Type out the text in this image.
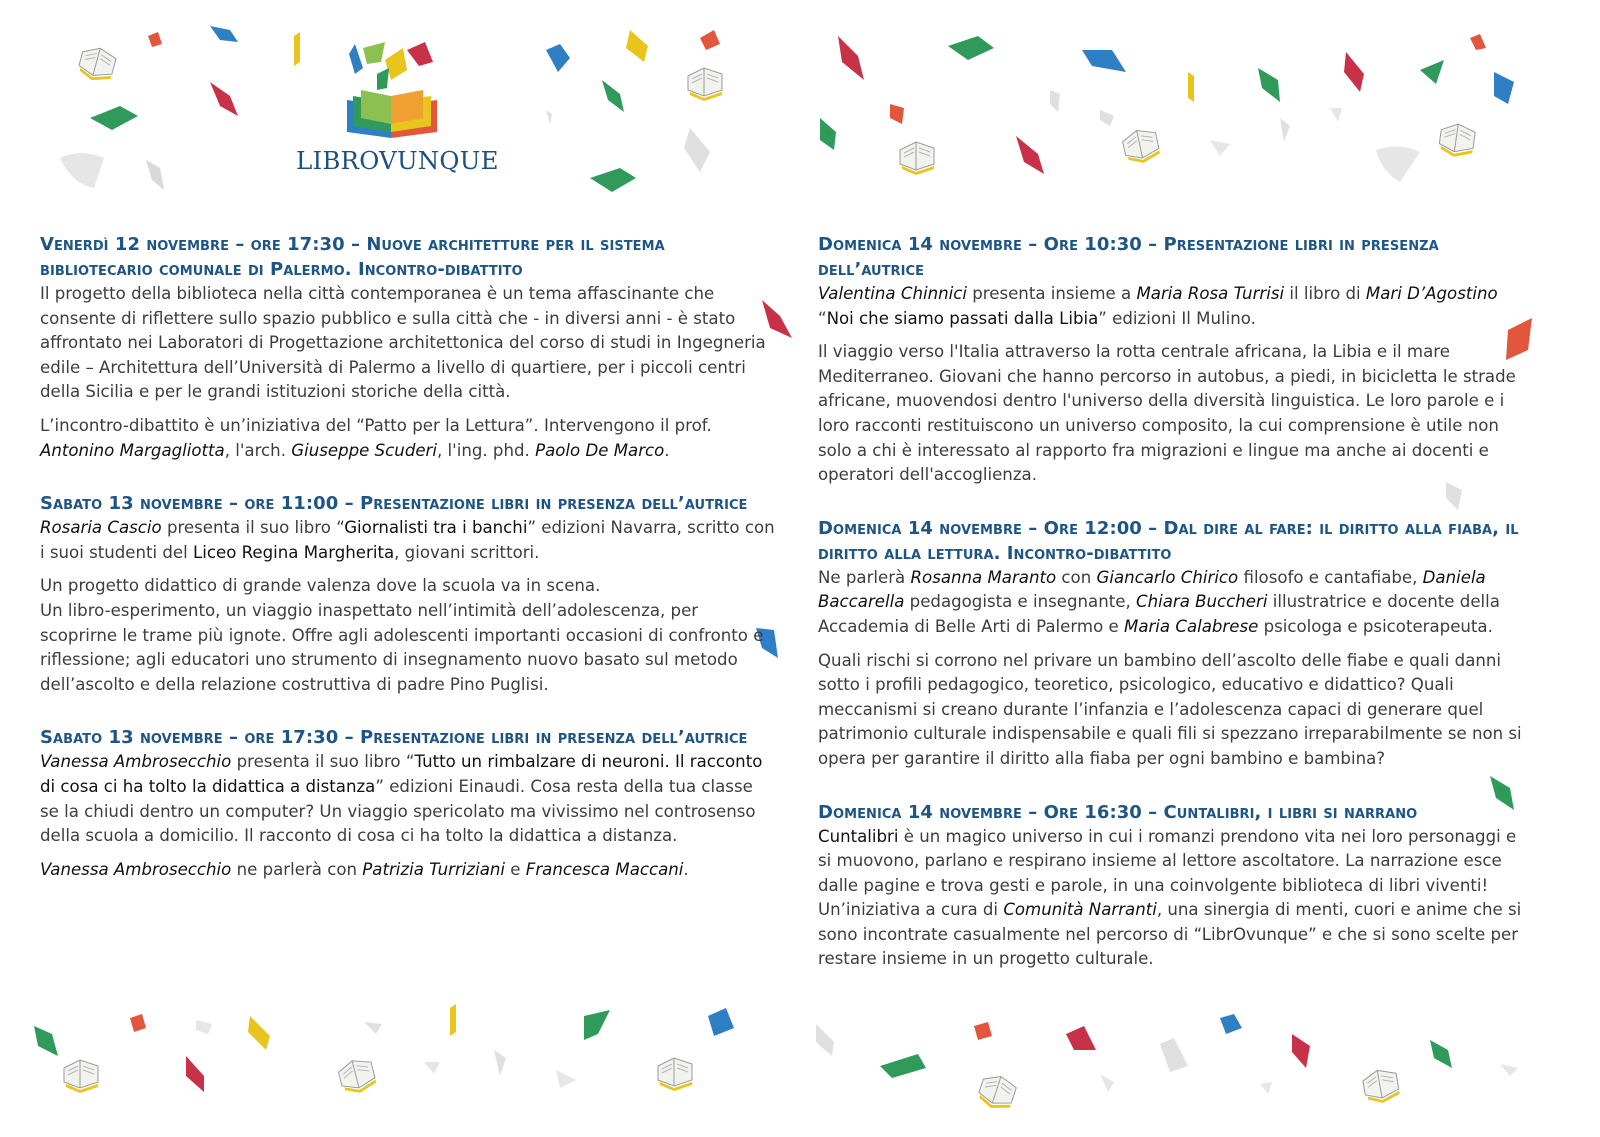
LIBROVUNQUE
Venerdì 12 novembre – ore 17:30 – Nuove architetture per il sistema bibliotecario comunale di Palermo. Incontro-dibattito

Il progetto della biblioteca nella città contemporanea è un tema affascinante che consente di riflettere sullo spazio pubblico e sulla città che - in diversi anni - è stato affrontato nei Laboratori di Progettazione architettonica del corso di studi in Ingegneria edile – Architettura dell’Università di Palermo a livello di quartiere, per i piccoli centri della Sicilia e per le grandi istituzioni storiche della città.

L’incontro-dibattito è un’iniziativa del “Patto per la Lettura”. Intervengono il prof. Antonino Margagliotta, l'arch. Giuseppe Scuderi, l'ing. phd. Paolo De Marco.

Sabato 13 novembre – ore 11:00 – Presentazione libri in presenza dell’autrice

Rosaria Cascio presenta il suo libro “Giornalisti tra i banchi” edizioni Navarra, scritto con i suoi studenti del Liceo Regina Margherita, giovani scrittori.

Un progetto didattico di grande valenza dove la scuola va in scena.
Un libro-esperimento, un viaggio inaspettato nell’intimità dell’adolescenza, per scoprirne le trame più ignote. Offre agli adolescenti importanti occasioni di confronto e riflessione; agli educatori uno strumento di insegnamento nuovo basato sul metodo dell’ascolto e della relazione costruttiva di padre Pino Puglisi.

Sabato 13 novembre – ore 17:30 – Presentazione libri in presenza dell’autrice

Vanessa Ambrosecchio presenta il suo libro “Tutto un rimbalzare di neuroni. Il racconto di cosa ci ha tolto la didattica a distanza” edizioni Einaudi. Cosa resta della tua classe se la chiudi dentro un computer? Un viaggio spericolato ma vivissimo nel controsenso della scuola a domicilio. Il racconto di cosa ci ha tolto la didattica a distanza.

Vanessa Ambrosecchio ne parlerà con Patrizia Turriziani e Francesca Maccani.

Domenica 14 novembre – Ore 10:30 – Presentazione libri in presenza dell’autrice

Valentina Chinnici presenta insieme a Maria Rosa Turrisi il libro di Mari D’Agostino “Noi che siamo passati dalla Libia” edizioni Il Mulino.

Il viaggio verso l'Italia attraverso la rotta centrale africana, la Libia e il mare Mediterraneo. Giovani che hanno percorso in autobus, a piedi, in bicicletta le strade africane, muovendosi dentro l'universo della diversità linguistica. Le loro parole e i loro racconti restituiscono un universo composito, la cui comprensione è utile non solo a chi è interessato al rapporto fra migrazioni e lingue ma anche ai docenti e operatori dell'accoglienza.

Domenica 14 novembre – Ore 12:00 – Dal dire al fare: il diritto alla fiaba, il diritto alla lettura. Incontro-dibattito

Ne parlerà Rosanna Maranto con Giancarlo Chirico filosofo e cantafiabe, Daniela Baccarella pedagogista e insegnante, Chiara Buccheri illustratrice e docente della Accademia di Belle Arti di Palermo e Maria Calabrese psicologa e psicoterapeuta.

Quali rischi si corrono nel privare un bambino dell’ascolto delle fiabe e quali danni sotto i profili pedagogico, teoretico, psicologico, educativo e didattico? Quali meccanismi si creano durante l’infanzia e l’adolescenza capaci di generare quel patrimonio culturale indispensabile e quali fili si spezzano irreparabilmente se non si opera per garantire il diritto alla fiaba per ogni bambino e bambina?

Domenica 14 novembre – Ore 16:30 – Cuntalibri, i libri si narrano

Cuntalibri è un magico universo in cui i romanzi prendono vita nei loro personaggi e si muovono, parlano e respirano insieme al lettore ascoltatore. La narrazione esce dalle pagine e trova gesti e parole, in una coinvolgente biblioteca di libri viventi! Un’iniziativa a cura di Comunità Narranti, una sinergia di menti, cuori e anime che si sono incontrate casualmente nel percorso di “LibrOvunque” e che si sono scelte per restare insieme in un progetto culturale.
